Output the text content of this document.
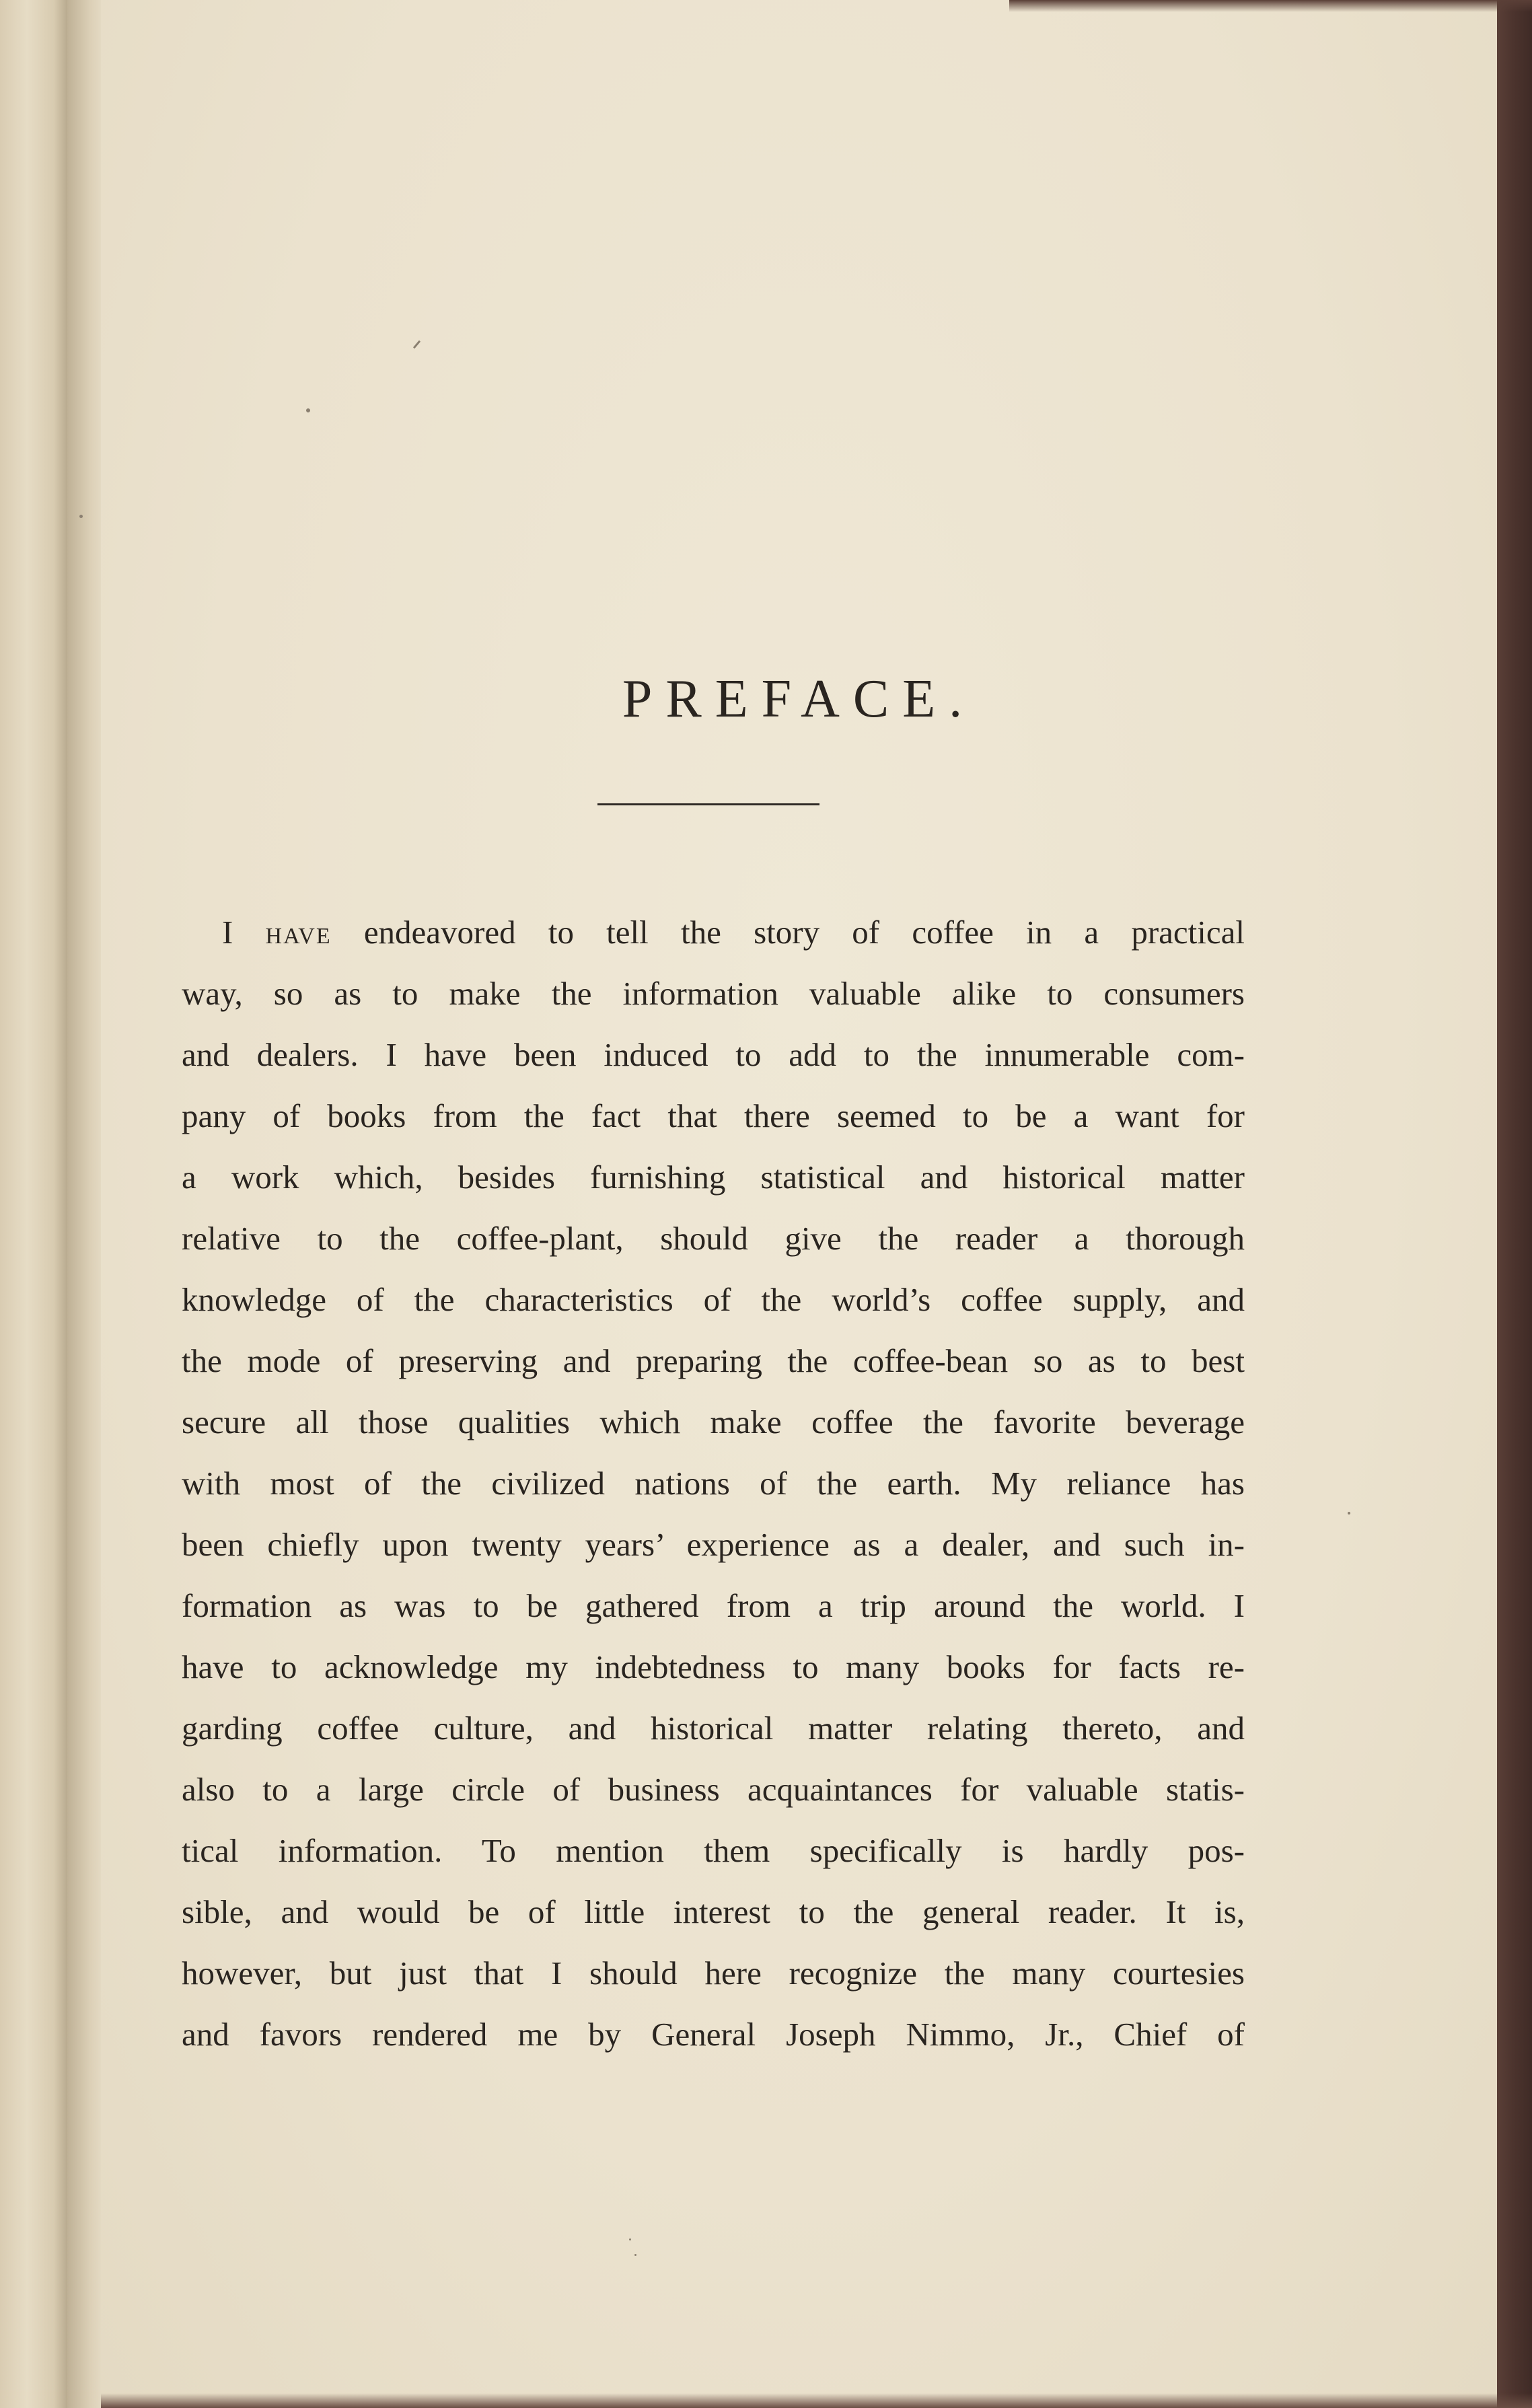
PREFACE.
I have endeavored to tell the story of coffee in a practical
way, so as to make the information valuable alike to consumers
and dealers. I have been induced to add to the innumerable com-
pany of books from the fact that there seemed to be a want for
a work which, besides furnishing statistical and historical matter
relative to the coffee-plant, should give the reader a thorough
knowledge of the characteristics of the world’s coffee supply, and
the mode of preserving and preparing the coffee-bean so as to best
secure all those qualities which make coffee the favorite beverage
with most of the civilized nations of the earth. My reliance has
been chiefly upon twenty years’ experience as a dealer, and such in-
formation as was to be gathered from a trip around the world. I
have to acknowledge my indebtedness to many books for facts re-
garding coffee culture, and historical matter relating thereto, and
also to a large circle of business acquaintances for valuable statis-
tical information. To mention them specifically is hardly pos-
sible, and would be of little interest to the general reader. It is,
however, but just that I should here recognize the many courtesies
and favors rendered me by General Joseph Nimmo, Jr., Chief of
